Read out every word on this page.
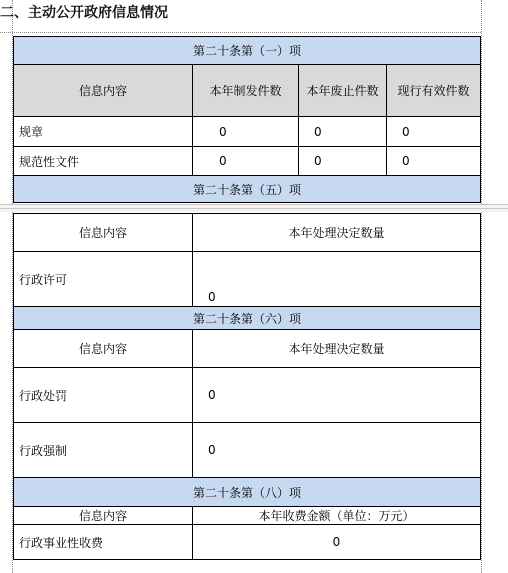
二、主动公开政府信息情况
第二十条第（一）项			
信息内容	本年制发件数	本年废止件数	现行有效件数
规章	0	0	0
规范性文件	0	0	0
第二十条第（五）项			
信息内容	本年处理决定数量
行政许可	0
第二十条第（六）项	
信息内容	本年处理决定数量
行政处罚	0
行政强制	0
第二十条第（八）项	
信息内容	本年收费金额（单位：万元）
行政事业性收费	0
